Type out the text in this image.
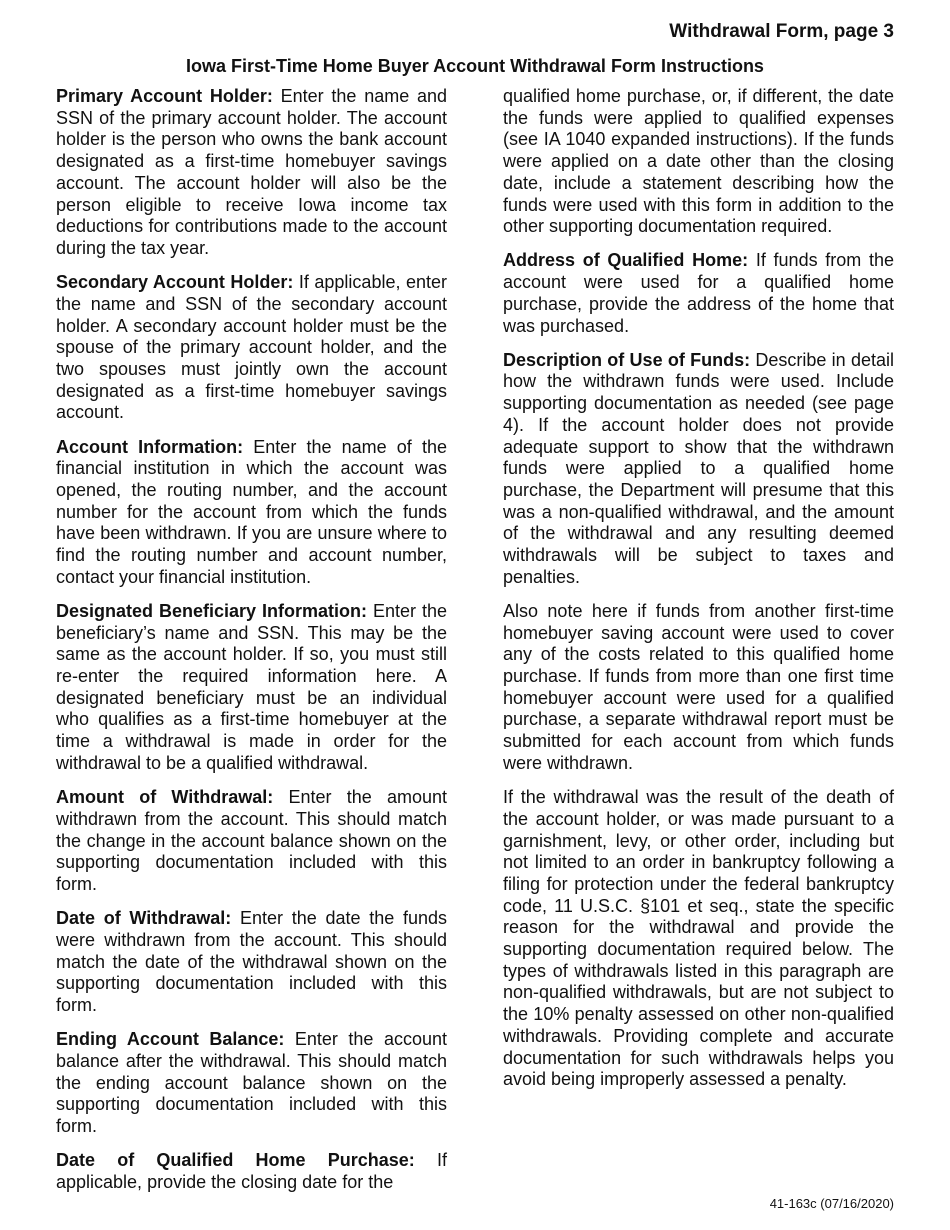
Withdrawal Form, page 3
Iowa First-Time Home Buyer Account Withdrawal Form Instructions

Primary Account Holder: Enter the name and SSN of the primary account holder. The account holder is the person who owns the bank account designated as a first-time homebuyer savings account. The account holder will also be the person eligible to receive Iowa income tax deductions for contributions made to the account during the tax year.

Secondary Account Holder: If applicable, enter the name and SSN of the secondary account holder. A secondary account holder must be the spouse of the primary account holder, and the two spouses must jointly own the account designated as a first-time homebuyer savings account.

Account Information: Enter the name of the financial institution in which the account was opened, the routing number, and the account number for the account from which the funds have been withdrawn. If you are unsure where to find the routing number and account number, contact your financial institution.

Designated Beneficiary Information: Enter the beneficiary’s name and SSN. This may be the same as the account holder. If so, you must still re-enter the required information here. A designated beneficiary must be an individual who qualifies as a first-time homebuyer at the time a withdrawal is made in order for the withdrawal to be a qualified withdrawal.

Amount of Withdrawal: Enter the amount withdrawn from the account. This should match the change in the account balance shown on the supporting documentation included with this form.

Date of Withdrawal: Enter the date the funds were withdrawn from the account. This should match the date of the withdrawal shown on the supporting documentation included with this form.

Ending Account Balance: Enter the account balance after the withdrawal. This should match the ending account balance shown on the supporting documentation included with this form.

Date of Qualified Home Purchase: If applicable, provide the closing date for the

qualified home purchase, or, if different, the date the funds were applied to qualified expenses (see IA 1040 expanded instructions). If the funds were applied on a date other than the closing date, include a statement describing how the funds were used with this form in addition to the other supporting documentation required.

Address of Qualified Home: If funds from the account were used for a qualified home purchase, provide the address of the home that was purchased.

Description of Use of Funds: Describe in detail how the withdrawn funds were used. Include supporting documentation as needed (see page 4). If the account holder does not provide adequate support to show that the withdrawn funds were applied to a qualified home purchase, the Department will presume that this was a non-qualified withdrawal, and the amount of the withdrawal and any resulting deemed withdrawals will be subject to taxes and penalties.

Also note here if funds from another first-time homebuyer saving account were used to cover any of the costs related to this qualified home purchase. If funds from more than one first time homebuyer account were used for a qualified purchase, a separate withdrawal report must be submitted for each account from which funds were withdrawn.

If the withdrawal was the result of the death of the account holder, or was made pursuant to a garnishment, levy, or other order, including but not limited to an order in bankruptcy following a filing for protection under the federal bankruptcy code, 11 U.S.C. §101 et seq., state the specific reason for the withdrawal and provide the supporting documentation required below. The types of withdrawals listed in this paragraph are non-qualified withdrawals, but are not subject to the 10% penalty assessed on other non-qualified withdrawals. Providing complete and accurate documentation for such withdrawals helps you avoid being improperly assessed a penalty.

41-163c (07/16/2020)
